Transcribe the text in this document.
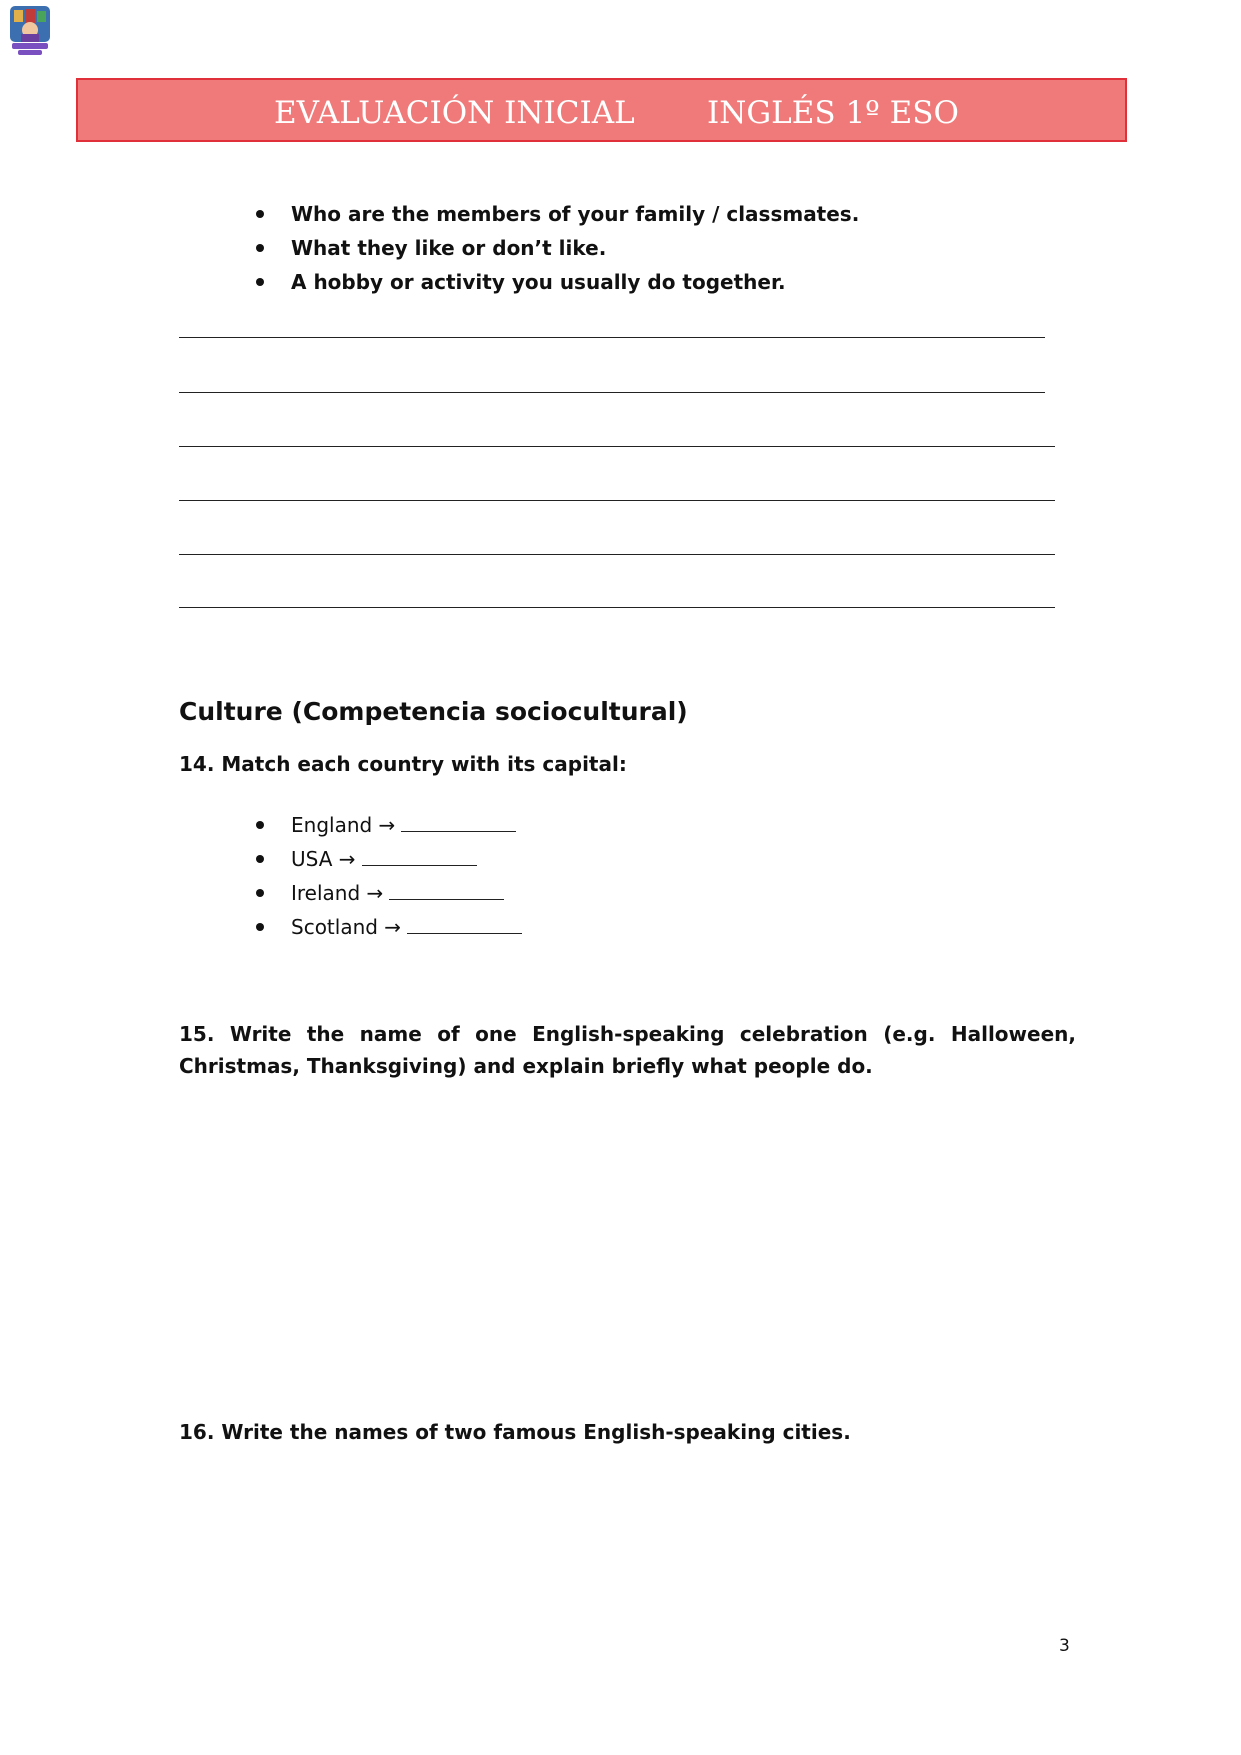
EVALUACIÓN INICIAL INGLÉS 1º ESO
Who are the members of your family / classmates.
What they like or don’t like.
A hobby or activity you usually do together.
Culture (Competencia sociocultural)
14. Match each country with its capital:
England →
USA →
Ireland →
Scotland →
15. Write the name of one English-speaking celebration (e.g. Halloween, Christmas, Thanksgiving) and explain briefly what people do.
16. Write the names of two famous English-speaking cities.
3
